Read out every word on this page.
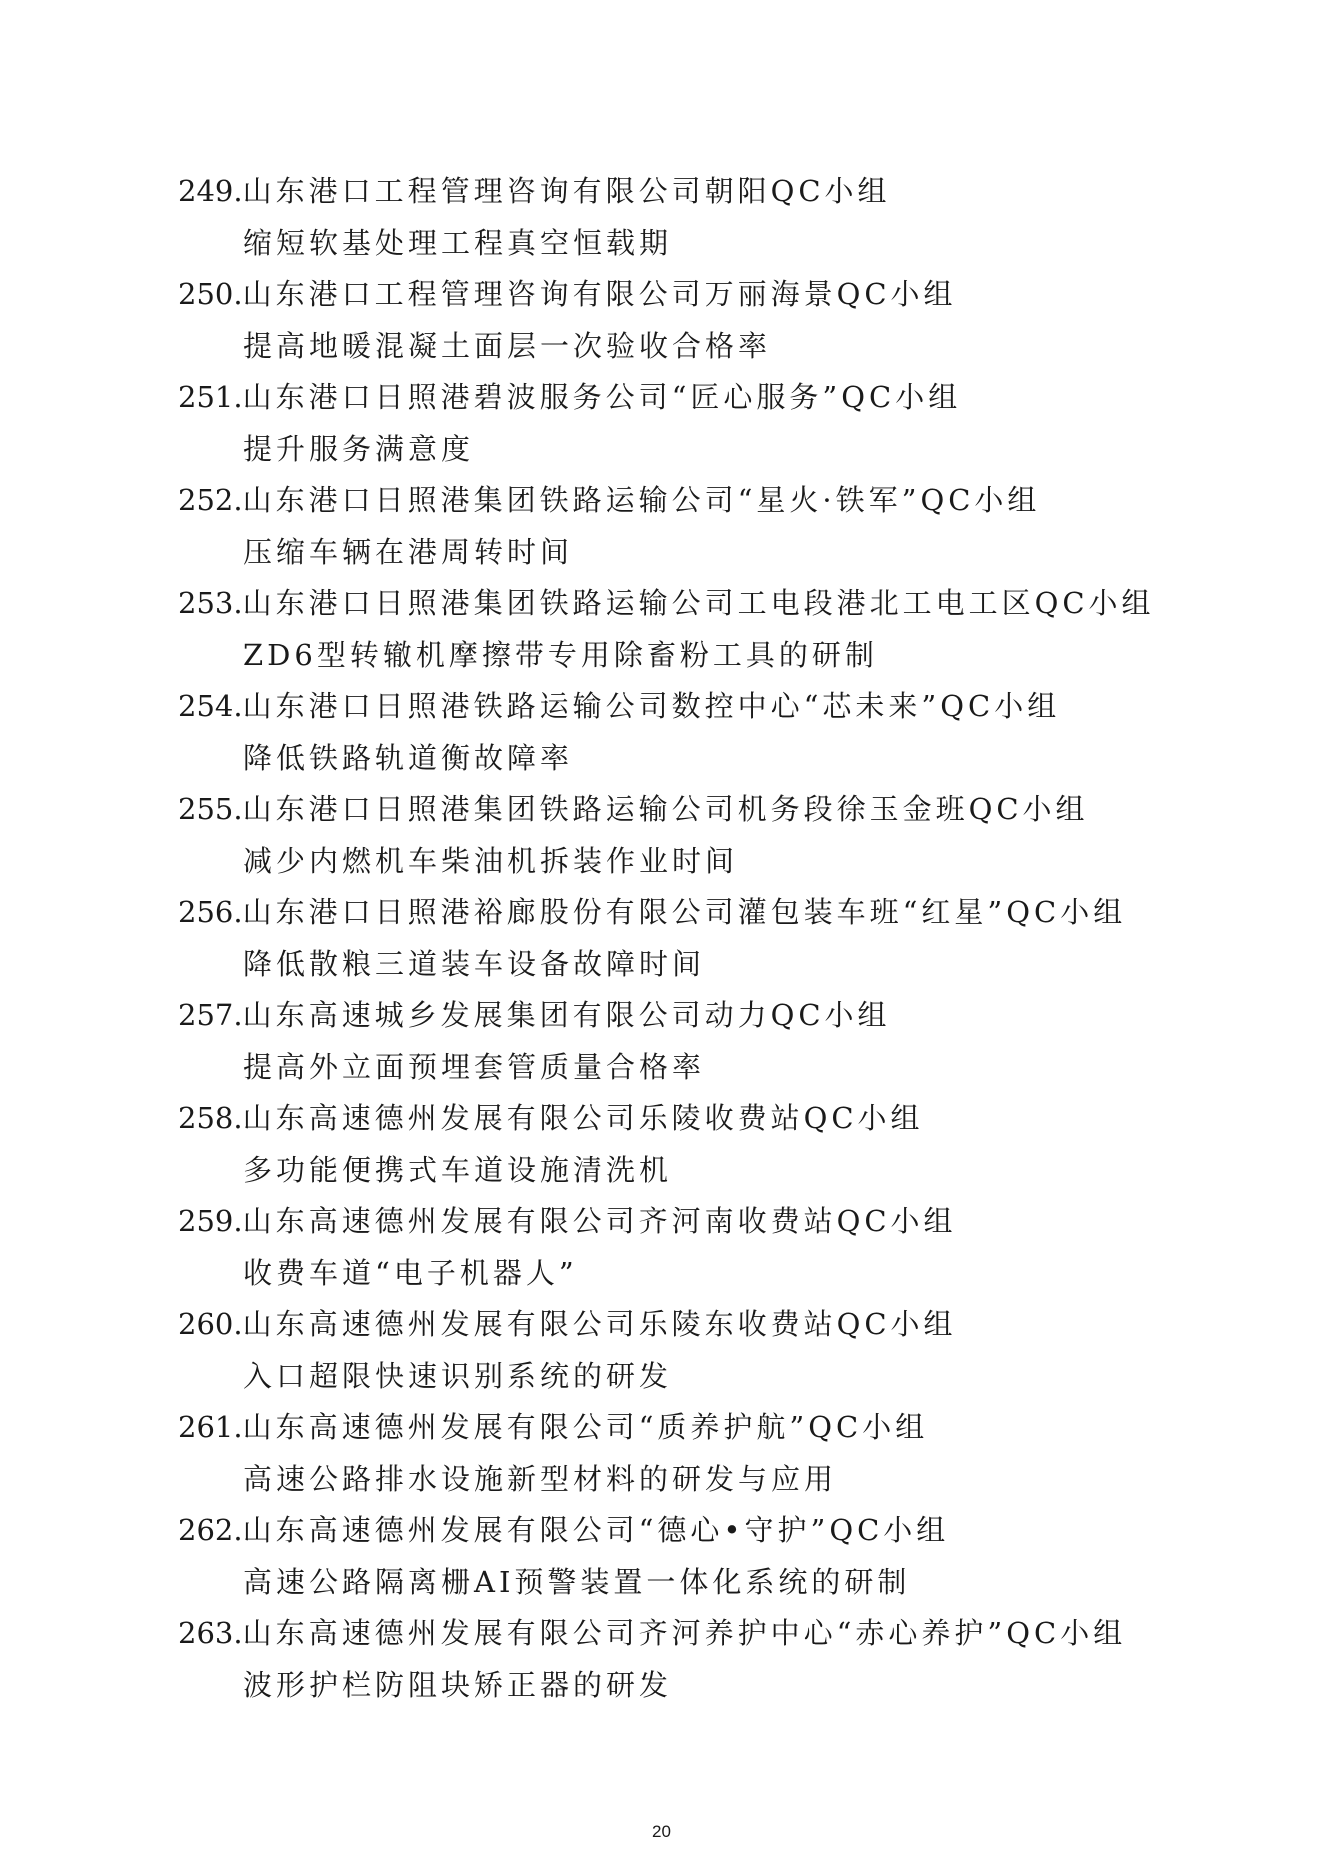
249.山东港口工程管理咨询有限公司朝阳QC小组
缩短软基处理工程真空恒载期
250.山东港口工程管理咨询有限公司万丽海景QC小组
提高地暖混凝土面层一次验收合格率
251.山东港口日照港碧波服务公司“匠心服务”QC小组
提升服务满意度
252.山东港口日照港集团铁路运输公司“星火·铁军”QC小组
压缩车辆在港周转时间
253.山东港口日照港集团铁路运输公司工电段港北工电工区QC小组
ZD6型转辙机摩擦带专用除畜粉工具的研制
254.山东港口日照港铁路运输公司数控中心“芯未来”QC小组
降低铁路轨道衡故障率
255.山东港口日照港集团铁路运输公司机务段徐玉金班QC小组
减少内燃机车柴油机拆装作业时间
256.山东港口日照港裕廊股份有限公司灌包装车班“红星”QC小组
降低散粮三道装车设备故障时间
257.山东高速城乡发展集团有限公司动力QC小组
提高外立面预埋套管质量合格率
258.山东高速德州发展有限公司乐陵收费站QC小组
多功能便携式车道设施清洗机
259.山东高速德州发展有限公司齐河南收费站QC小组
收费车道“电子机器人”
260.山东高速德州发展有限公司乐陵东收费站QC小组
入口超限快速识别系统的研发
261.山东高速德州发展有限公司“质养护航”QC小组
高速公路排水设施新型材料的研发与应用
262.山东高速德州发展有限公司“德心•守护”QC小组
高速公路隔离栅AI预警装置一体化系统的研制
263.山东高速德州发展有限公司齐河养护中心“赤心养护”QC小组
波形护栏防阻块矫正器的研发
20
